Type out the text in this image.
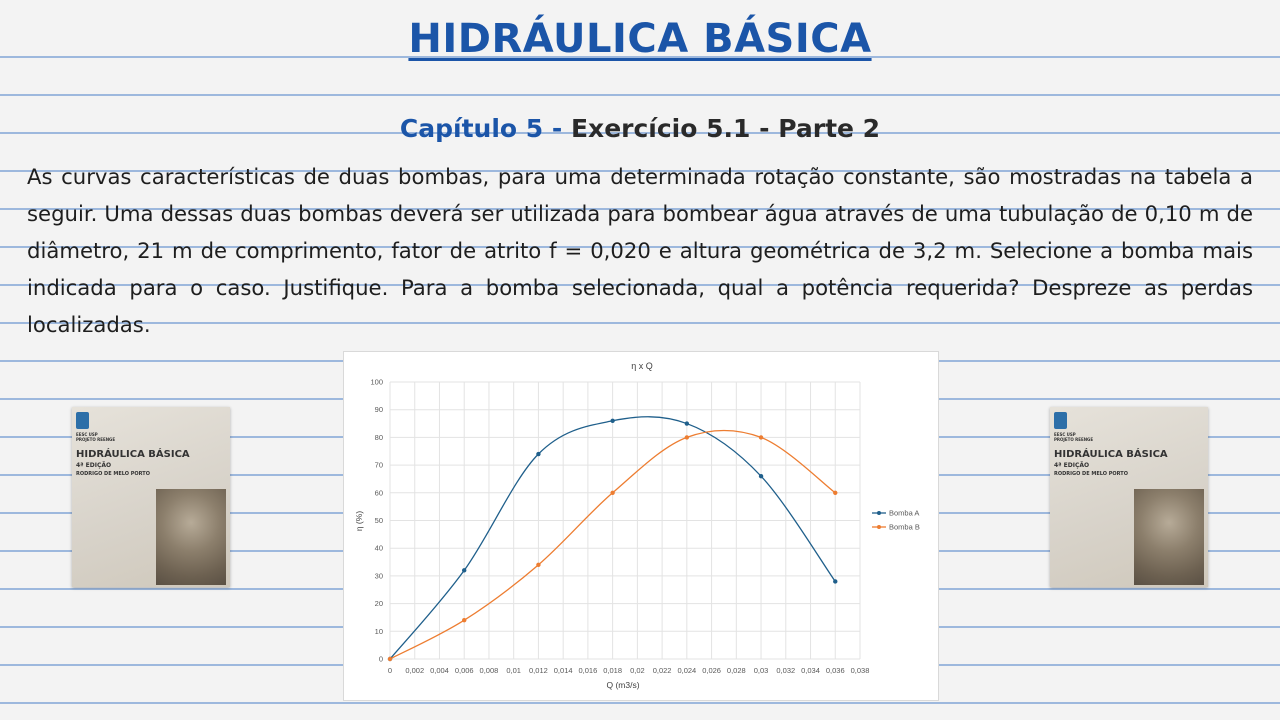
HIDRÁULICA BÁSICA
Capítulo 5 - Exercício 5.1 - Parte 2

As curvas características de duas bombas, para uma determinada rotação constante, são mostradas na tabela a seguir. Uma dessas duas bombas deverá ser utilizada para bombear água através de uma tubulação de 0,10 m de diâmetro, 21 m de comprimento, fator de atrito f = 0,020 e altura geométrica de 3,2 m. Selecione a bomba mais indicada para o caso. Justifique. Para a bomba selecionada, qual a potência requerida? Despreze as perdas localizadas.

EESC USP
PROJETO REENGE
HIDRÁULICA BÁSICA
4ª EDIÇÃO
RODRIGO DE MELO PORTO
EESC USP
PROJETO REENGE
HIDRÁULICA BÁSICA
4ª EDIÇÃO
RODRIGO DE MELO PORTO
0
10
20
30
40
50
60
70
80
90
100
0 0,002 0,004 0,006 0,008 0,01 0,012 0,014 0,016 0,018 0,02 0,022 0,024 0,026 0,028 0,03 0,032 0,034 0,036 0,038
η x Q
Q (m3/s)
η (%)	Bomba A
Bomba B
